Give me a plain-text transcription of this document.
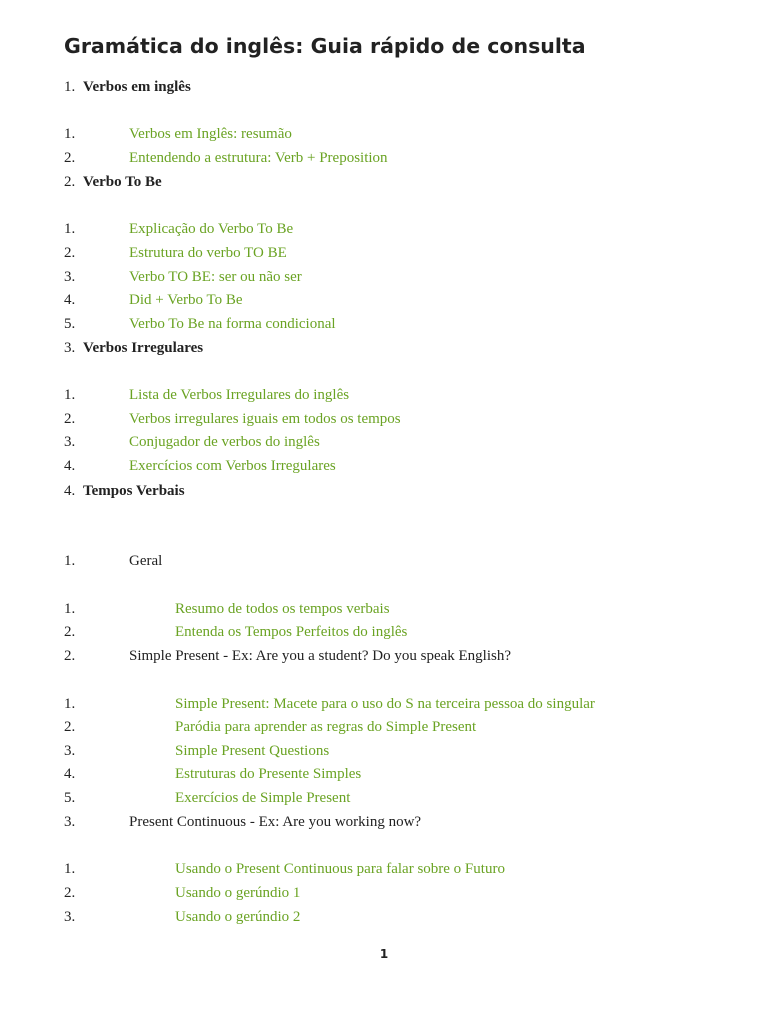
Gramática do inglês: Guia rápido de consulta
1. Verbos em inglês
1.	Verbos em Inglês: resumão
2.	Entendendo a estrutura: Verb + Preposition
2. Verbo To Be
1.	Explicação do Verbo To Be
2.	Estrutura do verbo TO BE
3.	Verbo TO BE: ser ou não ser
4.	Did + Verbo To Be
5.	Verbo To Be na forma condicional
3. Verbos Irregulares
1.	Lista de Verbos Irregulares do inglês
2.	Verbos irregulares iguais em todos os tempos
3.	Conjugador de verbos do inglês
4.	Exercícios com Verbos Irregulares
4. Tempos Verbais
1.	Geral
1.	Resumo de todos os tempos verbais
2.	Entenda os Tempos Perfeitos do inglês
2.	Simple Present - Ex: Are you a student? Do you speak English?
1.	Simple Present: Macete para o uso do S na terceira pessoa do singular
2.	Paródia para aprender as regras do Simple Present
3.	Simple Present Questions
4.	Estruturas do Presente Simples
5.	Exercícios de Simple Present
3.	Present Continuous - Ex: Are you working now?
1.	Usando o Present Continuous para falar sobre o Futuro
2.	Usando o gerúndio 1
3.	Usando o gerúndio 2
1
